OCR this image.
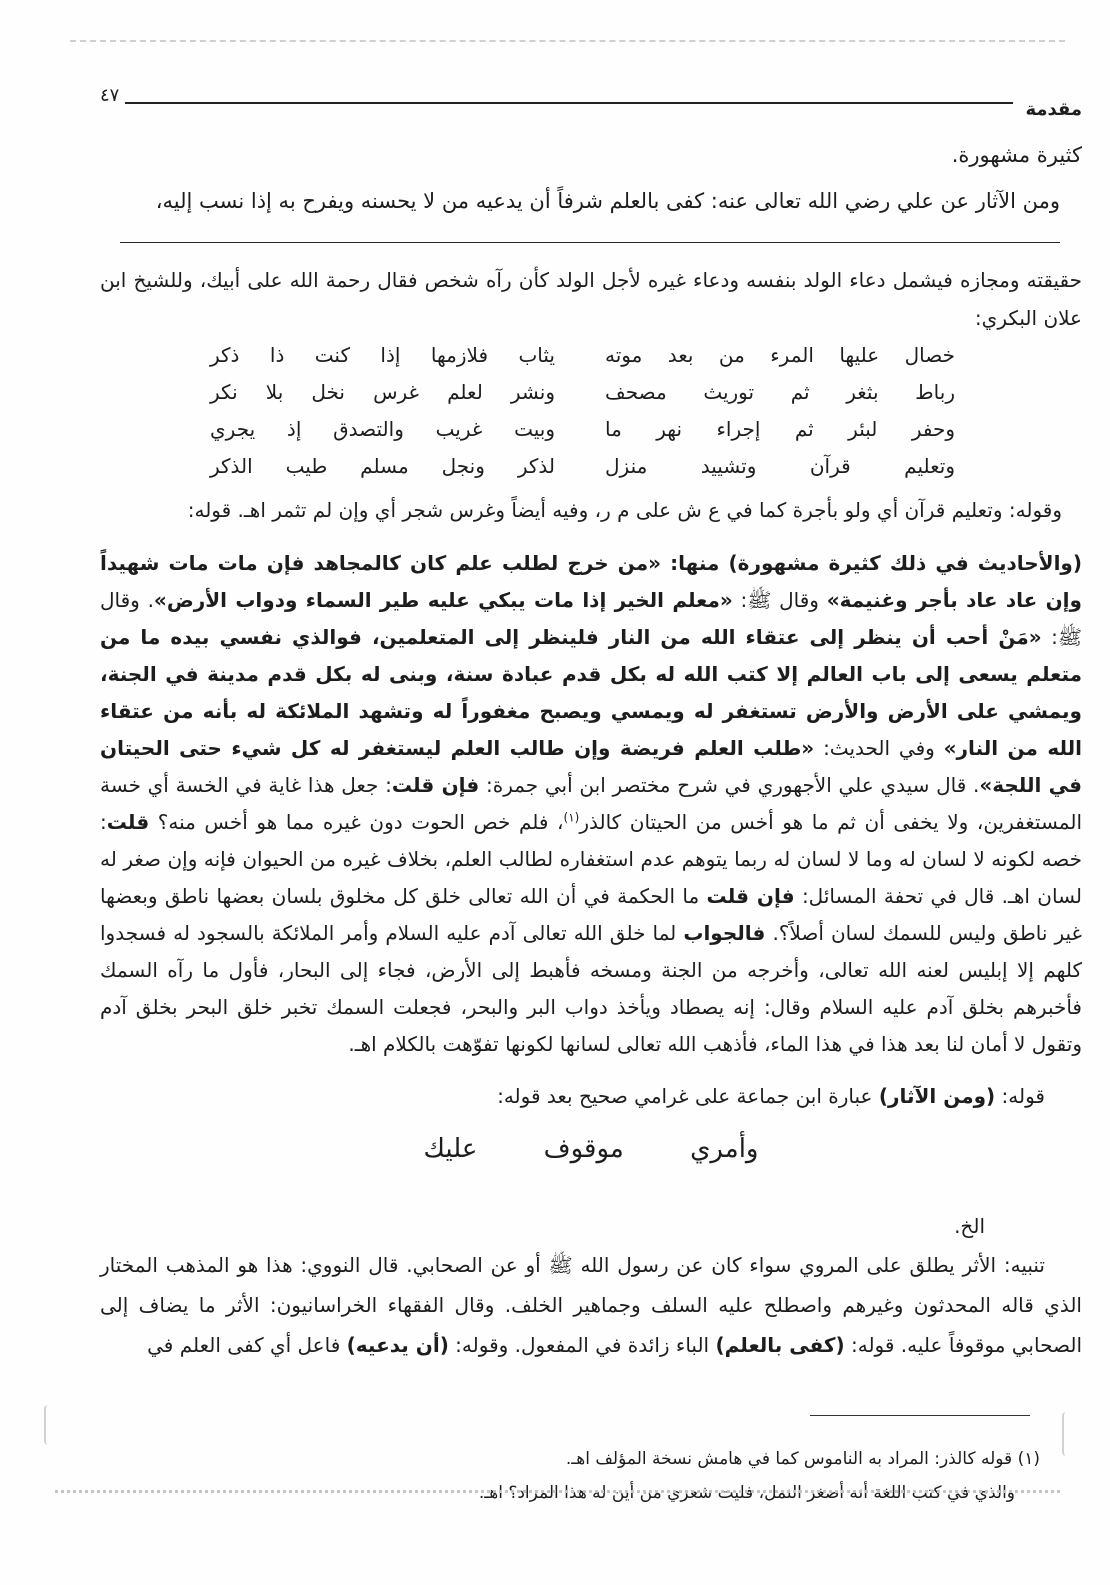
مقدمة
٤٧

كثيرة مشهورة.

ومن الآثار عن علي رضي الله تعالى عنه: كفى بالعلم شرفاً أن يدعيه من لا يحسنه ويفرح به إذا نسب إليه،

حقيقته ومجازه فيشمل دعاء الولد بنفسه ودعاء غيره لأجل الولد كأن رآه شخص فقال رحمة الله على أبيك، وللشيخ ابن علان البكري:

خصال عليها المرء من بعد موته
يثاب فلازمها إذا كنت ذا ذكر
رباط بثغر ثم توريث مصحف
ونشر لعلم غرس نخل بلا نكر
وحفر لبئر ثم إجراء نهر ما
وبيت غريب والتصدق إذ يجري
وتعليم قرآن وتشييد منزل
لذكر ونجل مسلم طيب الذكر

وقوله: وتعليم قرآن أي ولو بأجرة كما في ع ش على م ر، وفيه أيضاً وغرس شجر أي وإن لم تثمر اهـ. قوله:

(والأحاديث في ذلك كثيرة مشهورة) منها: «من خرج لطلب علم كان كالمجاهد فإن مات مات شهيداً وإن عاد عاد بأجر وغنيمة» وقال ﷺ: «معلم الخير إذا مات يبكي عليه طير السماء ودواب الأرض». وقال ﷺ: «مَنْ أحب أن ينظر إلى عتقاء الله من النار فلينظر إلى المتعلمين، فوالذي نفسي بيده ما من متعلم يسعى إلى باب العالم إلا كتب الله له بكل قدم عبادة سنة، وبنى له بكل قدم مدينة في الجنة، ويمشي على الأرض والأرض تستغفر له ويمسي ويصبح مغفوراً له وتشهد الملائكة له بأنه من عتقاء الله من النار» وفي الحديث: «طلب العلم فريضة وإن طالب العلم ليستغفر له كل شيء حتى الحيتان في اللجة». قال سيدي علي الأجهوري في شرح مختصر ابن أبي جمرة: فإن قلت: جعل هذا غاية في الخسة أي خسة المستغفرين، ولا يخفى أن ثم ما هو أخس من الحيتان كالذر$^{(١)}$، فلم خص الحوت دون غيره مما هو أخس منه؟ قلت: خصه لكونه لا لسان له وما لا لسان له ربما يتوهم عدم استغفاره لطالب العلم، بخلاف غيره من الحيوان فإنه وإن صغر له لسان اهـ. قال في تحفة المسائل: فإن قلت ما الحكمة في أن الله تعالى خلق كل مخلوق بلسان بعضها ناطق وبعضها غير ناطق وليس للسمك لسان أصلاً؟. فالجواب لما خلق الله تعالى آدم عليه السلام وأمر الملائكة بالسجود له فسجدوا كلهم إلا إبليس لعنه الله تعالى، وأخرجه من الجنة ومسخه فأهبط إلى الأرض، فجاء إلى البحار، فأول ما رآه السمك فأخبرهم بخلق آدم عليه السلام وقال: إنه يصطاد ويأخذ دواب البر والبحر، فجعلت السمك تخبر خلق البحر بخلق آدم وتقول لا أمان لنا بعد هذا في هذا الماء، فأذهب الله تعالى لسانها لكونها تفوّهت بالكلام اهـ.

قوله: (ومن الآثار) عبارة ابن جماعة على غرامي صحيح بعد قوله:

وأمري موقوف عليك

الخ.

تنبيه: الأثر يطلق على المروي سواء كان عن رسول الله ﷺ أو عن الصحابي. قال النووي: هذا هو المذهب المختار الذي قاله المحدثون وغيرهم واصطلح عليه السلف وجماهير الخلف. وقال الفقهاء الخراسانيون: الأثر ما يضاف إلى الصحابي موقوفاً عليه. قوله: (كفى بالعلم) الباء زائدة في المفعول. وقوله: (أن يدعيه) فاعل أي كفى العلم في

(١) قوله كالذر: المراد به الناموس كما في هامش نسخة المؤلف اهـ.

والذي في كتب اللغة أنه أصغر النمل، فليت شعري من أين له هذا المراد؟ اهـ.
